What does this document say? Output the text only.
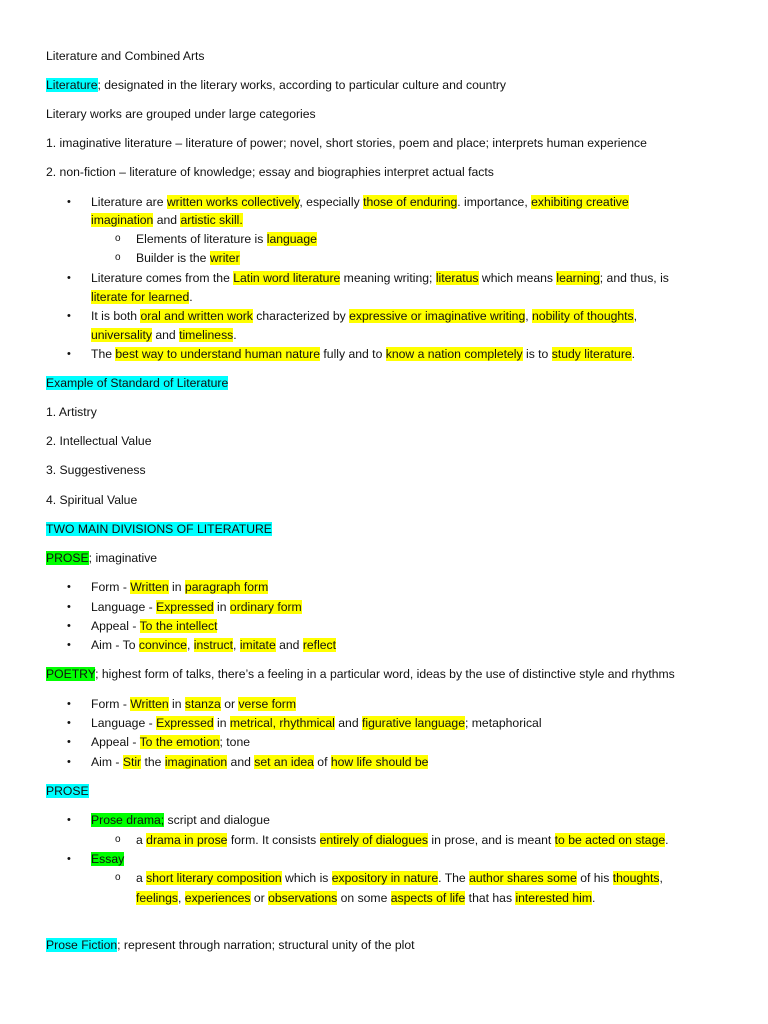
Literature and Combined Arts
Literature; designated in the literary works, according to particular culture and country
Literary works are grouped under large categories
1. imaginative literature – literature of power; novel, short stories, poem and place; interprets human experience
2. non-fiction – literature of knowledge; essay and biographies interpret actual facts
• Literature are written works collectively, especially those of enduring. importance, exhibiting creative
imagination and artistic skill.
o Elements of literature is language
o Builder is the writer
• Literature comes from the Latin word literature meaning writing; literatus which means learning; and thus, is
literate for learned.
• It is both oral and written work characterized by expressive or imaginative writing, nobility of thoughts,
universality and timeliness.
• The best way to understand human nature fully and to know a nation completely is to study literature.
Example of Standard of Literature
1. Artistry
2. Intellectual Value
3. Suggestiveness
4. Spiritual Value
TWO MAIN DIVISIONS OF LITERATURE
PROSE; imaginative
• Form - Written in paragraph form
• Language - Expressed in ordinary form
• Appeal - To the intellect
• Aim - To convince, instruct, imitate and reflect
POETRY; highest form of talks, there’s a feeling in a particular word, ideas by the use of distinctive style and rhythms
• Form - Written in stanza or verse form
• Language - Expressed in metrical, rhythmical and figurative language; metaphorical
• Appeal - To the emotion; tone
• Aim - Stir the imagination and set an idea of how life should be
PROSE
• Prose drama; script and dialogue
o a drama in prose form. It consists entirely of dialogues in prose, and is meant to be acted on stage.
• Essay
o a short literary composition which is expository in nature. The author shares some of his thoughts,
feelings, experiences or observations on some aspects of life that has interested him.
Prose Fiction; represent through narration; structural unity of the plot
